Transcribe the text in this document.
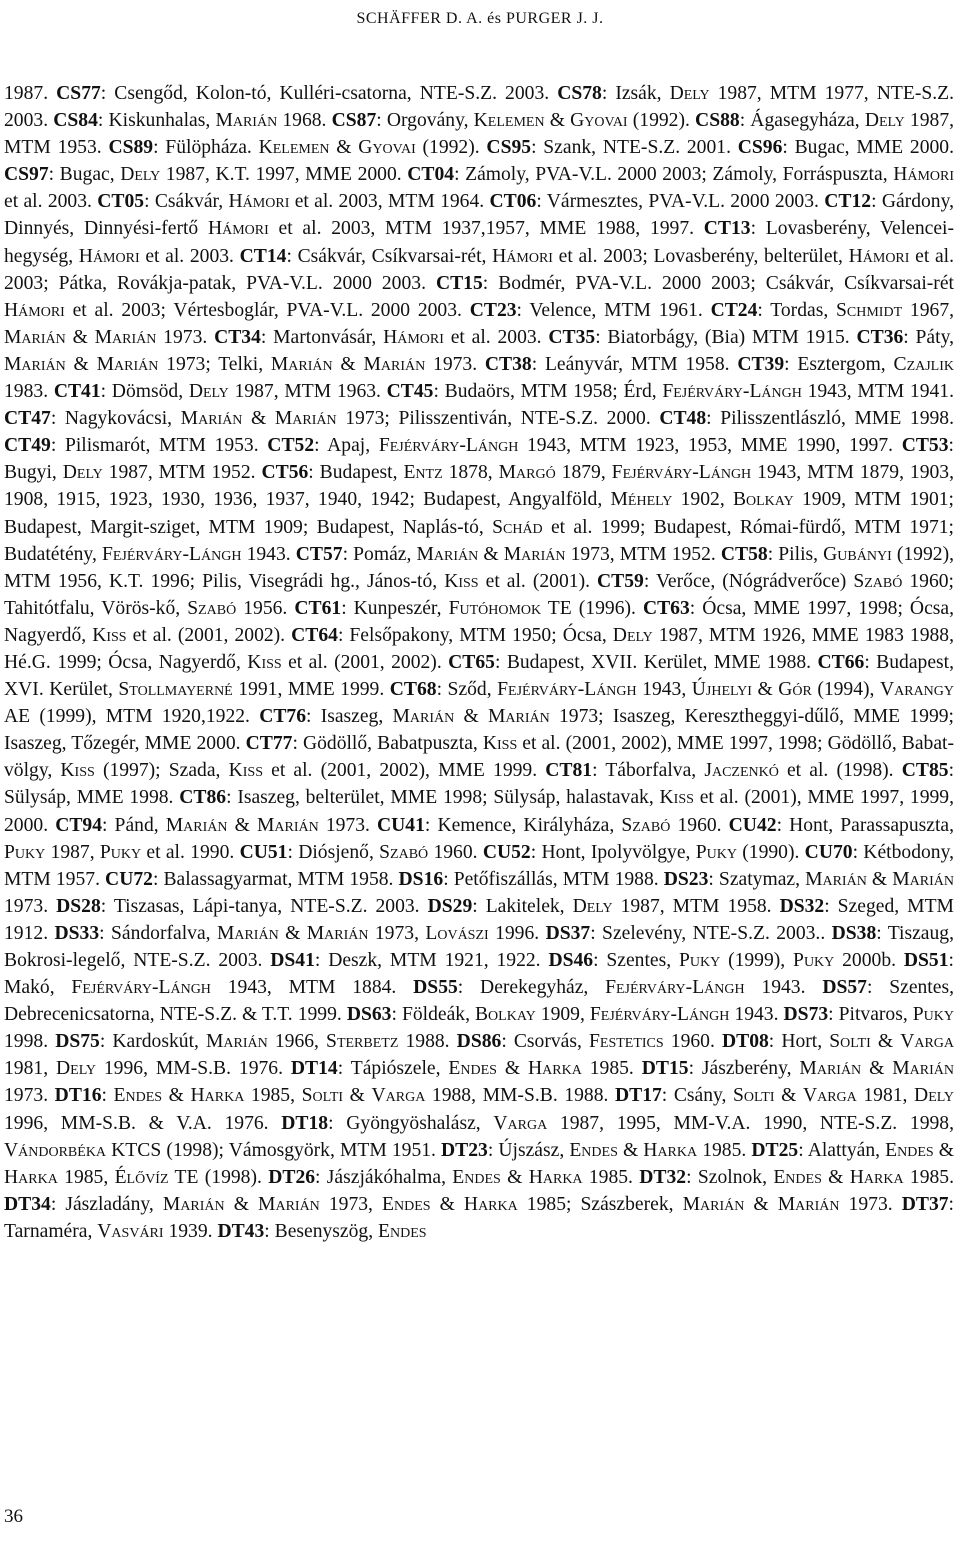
SCHÄFFER D. A. és PURGER J. J.
1987. CS77: Csengőd, Kolon-tó, Kulléri-csatorna, NTE-S.Z. 2003. CS78: Izsák, Dely 1987, MTM 1977, NTE-S.Z. 2003. CS84: Kiskunhalas, Marián 1968. CS87: Orgovány, Kelemen & Gyovai (1992). CS88: Ágasegyháza, Dely 1987, MTM 1953. CS89: Fülöpháza. Kelemen & Gyovai (1992). CS95: Szank, NTE-S.Z. 2001. CS96: Bugac, MME 2000. CS97: Bugac, Dely 1987, K.T. 1997, MME 2000. CT04: Zámoly, PVA-V.L. 2000 2003; Zámoly, Forráspuszta, Hámori et al. 2003. CT05: Csákvár, Hámori et al. 2003, MTM 1964. CT06: Vármesztes, PVA-V.L. 2000 2003. CT12: Gárdony, Dinnyés, Dinnyési-fertő Hámori et al. 2003, MTM 1937,1957, MME 1988, 1997. CT13: Lovasberény, Velencei-hegység, Hámori et al. 2003. CT14: Csákvár, Csíkvarsai-rét, Hámori et al. 2003; Lovasberény, belterület, Hámori et al. 2003; Pátka, Rovákja-patak, PVA-V.L. 2000 2003. CT15: Bodmér, PVA-V.L. 2000 2003; Csákvár, Csíkvarsai-rét Hámori et al. 2003; Vértesboglár, PVA-V.L. 2000 2003. CT23: Velence, MTM 1961. CT24: Tordas, Schmidt 1967, Marián & Marián 1973. CT34: Martonvásár, Hámori et al. 2003. CT35: Biatorbágy, (Bia) MTM 1915. CT36: Páty, Marián & Marián 1973; Telki, Marián & Marián 1973. CT38: Leányvár, MTM 1958. CT39: Esztergom, Czajlik 1983. CT41: Dömsöd, Dely 1987, MTM 1963. CT45: Budaörs, MTM 1958; Érd, Fejérváry-Lángh 1943, MTM 1941. CT47: Nagykovácsi, Marián & Marián 1973; Pilisszentiván, NTE-S.Z. 2000. CT48: Pilisszentlászló, MME 1998. CT49: Pilismarót, MTM 1953. CT52: Apaj, Fejérváry-Lángh 1943, MTM 1923, 1953, MME 1990, 1997. CT53: Bugyi, Dely 1987, MTM 1952. CT56: Budapest, Entz 1878, Margó 1879, Fejérváry-Lángh 1943, MTM 1879, 1903, 1908, 1915, 1923, 1930, 1936, 1937, 1940, 1942; Budapest, Angyalföld, Méhely 1902, Bolkay 1909, MTM 1901; Budapest, Margit-sziget, MTM 1909; Budapest, Naplás-tó, Schád et al. 1999; Budapest, Római-fürdő, MTM 1971; Budatétény, Fejérváry-Lángh 1943. CT57: Pomáz, Marián & Marián 1973, MTM 1952. CT58: Pilis, Gubányi (1992), MTM 1956, K.T. 1996; Pilis, Visegrádi hg., János-tó, Kiss et al. (2001). CT59: Verőce, (Nógrádverőce) Szabó 1960; Tahitótfalu, Vörös-kő, Szabó 1956. CT61: Kunpeszér, Futóhomok TE (1996). CT63: Ócsa, MME 1997, 1998; Ócsa, Nagyerdő, Kiss et al. (2001, 2002). CT64: Felsőpakony, MTM 1950; Ócsa, Dely 1987, MTM 1926, MME 1983 1988, Hé.G. 1999; Ócsa, Nagyerdő, Kiss et al. (2001, 2002). CT65: Budapest, XVII. Kerület, MME 1988. CT66: Budapest, XVI. Kerület, Stollmayerné 1991, MME 1999. CT68: Sződ, Fejérváry-Lángh 1943, Újhelyi & Gór (1994), Varangy AE (1999), MTM 1920,1922. CT76: Isaszeg, Marián & Marián 1973; Isaszeg, Keresztheggyi-dűlő, MME 1999; Isaszeg, Tőzegér, MME 2000. CT77: Gödöllő, Babatpuszta, Kiss et al. (2001, 2002), MME 1997, 1998; Gödöllő, Babat-völgy, Kiss (1997); Szada, Kiss et al. (2001, 2002), MME 1999. CT81: Táborfalva, Jaczenkó et al. (1998). CT85: Sülysáp, MME 1998. CT86: Isaszeg, belterület, MME 1998; Sülysáp, halastavak, Kiss et al. (2001), MME 1997, 1999, 2000. CT94: Pánd, Marián & Marián 1973. CU41: Kemence, Királyháza, Szabó 1960. CU42: Hont, Parassapuszta, Puky 1987, Puky et al. 1990. CU51: Diósjenő, Szabó 1960. CU52: Hont, Ipolyvölgye, Puky (1990). CU70: Kétbodony, MTM 1957. CU72: Balassagyarmat, MTM 1958. DS16: Petőfiszállás, MTM 1988. DS23: Szatymaz, Marián & Marián 1973. DS28: Tiszasas, Lápi-tanya, NTE-S.Z. 2003. DS29: Lakitelek, Dely 1987, MTM 1958. DS32: Szeged, MTM 1912. DS33: Sándorfalva, Marián & Marián 1973, Lovászi 1996. DS37: Szelevény, NTE-S.Z. 2003.. DS38: Tiszaug, Bokrosi-legelő, NTE-S.Z. 2003. DS41: Deszk, MTM 1921, 1922. DS46: Szentes, Puky (1999), Puky 2000b. DS51: Makó, Fejérváry-Lángh 1943, MTM 1884. DS55: Derekegyház, Fejérváry-Lángh 1943. DS57: Szentes, Debrecenicsatorna, NTE-S.Z. & T.T. 1999. DS63: Földeák, Bolkay 1909, Fejérváry-Lángh 1943. DS73: Pitvaros, Puky 1998. DS75: Kardoskút, Marián 1966, Sterbetz 1988. DS86: Csorvás, Festetics 1960. DT08: Hort, Solti & Varga 1981, Dely 1996, MM-S.B. 1976. DT14: Tápiószele, Endes & Harka 1985. DT15: Jászberény, Marián & Marián 1973. DT16: Endes & Harka 1985, Solti & Varga 1988, MM-S.B. 1988. DT17: Csány, Solti & Varga 1981, Dely 1996, MM-S.B. & V.A. 1976. DT18: Gyöngyöshalász, Varga 1987, 1995, MM-V.A. 1990, NTE-S.Z. 1998, Vándorbéka KTCS (1998); Vámosgyörk, MTM 1951. DT23: Újszász, Endes & Harka 1985. DT25: Alattyán, Endes & Harka 1985, Élővíz TE (1998). DT26: Jászjákóhalma, Endes & Harka 1985. DT32: Szolnok, Endes & Harka 1985. DT34: Jászladány, Marián & Marián 1973, Endes & Harka 1985; Szászberek, Marián & Marián 1973. DT37: Tarnaméra, Vasvári 1939. DT43: Besenyszög, Endes
36
